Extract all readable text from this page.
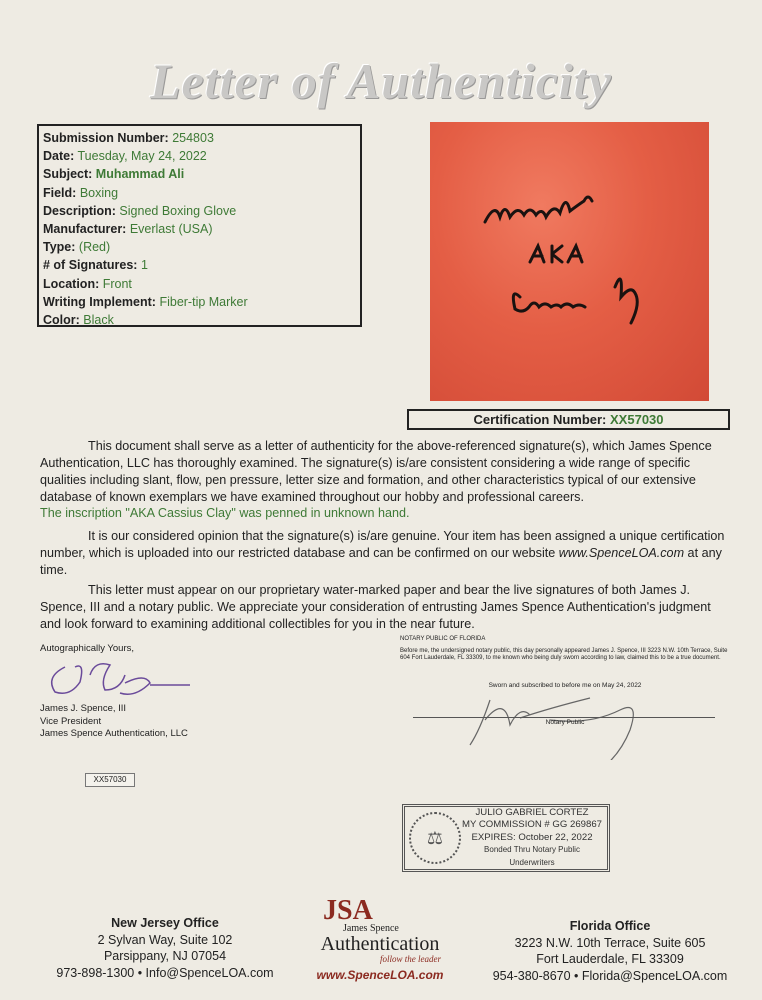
Letter of Authenticity
Submission Number: 254803
Date: Tuesday, May 24, 2022
Subject: Muhammad Ali
Field: Boxing
Description: Signed Boxing Glove
Manufacturer: Everlast (USA)
Type: (Red)
# of Signatures: 1
Location: Front
Writing Implement: Fiber-tip Marker
Color: Black
Certification Number: XX57030
This document shall serve as a letter of authenticity for the above-referenced signature(s), which James Spence Authentication, LLC has thoroughly examined. The signature(s) is/are consistent considering a wide range of specific qualities including slant, flow, pen pressure, letter size and formation, and other characteristics typical of our extensive database of known exemplars we have examined throughout our hobby and professional careers.
The inscription "AKA Cassius Clay" was penned in unknown hand.
It is our considered opinion that the signature(s) is/are genuine. Your item has been assigned a unique certification number, which is uploaded into our restricted database and can be confirmed on our website www.SpenceLOA.com at any time.
This letter must appear on our proprietary water-marked paper and bear the live signatures of both James J. Spence, III and a notary public. We appreciate your consideration of entrusting James Spence Authentication's judgment and look forward to examining additional collectibles for you in the near future.
Autographically Yours,
James J. Spence, III
Vice President
James Spence Authentication, LLC
XX57030
NOTARY PUBLIC OF FLORIDA
Before me, the undersigned notary public, this day personally appeared James J. Spence, III 3223 N.W. 10th Terrace, Suite 604 Fort Lauderdale, FL 33309, to me known who being duly sworn according to law, claimed this to be a true document.
Sworn and subscribed to before me on May 24, 2022
Notary Public
⚖
JULIO GABRIEL CORTEZ
MY COMMISSION # GG 269867
EXPIRES: October 22, 2022
Bonded Thru Notary Public Underwriters
New Jersey Office
2 Sylvan Way, Suite 102
Parsippany, NJ 07054
973-898-1300 • Info@SpenceLOA.com
JSA
James Spence
Authentication
follow the leader
www.SpenceLOA.com
Florida Office
3223 N.W. 10th Terrace, Suite 605
Fort Lauderdale, FL 33309
954-380-8670 • Florida@SpenceLOA.com
